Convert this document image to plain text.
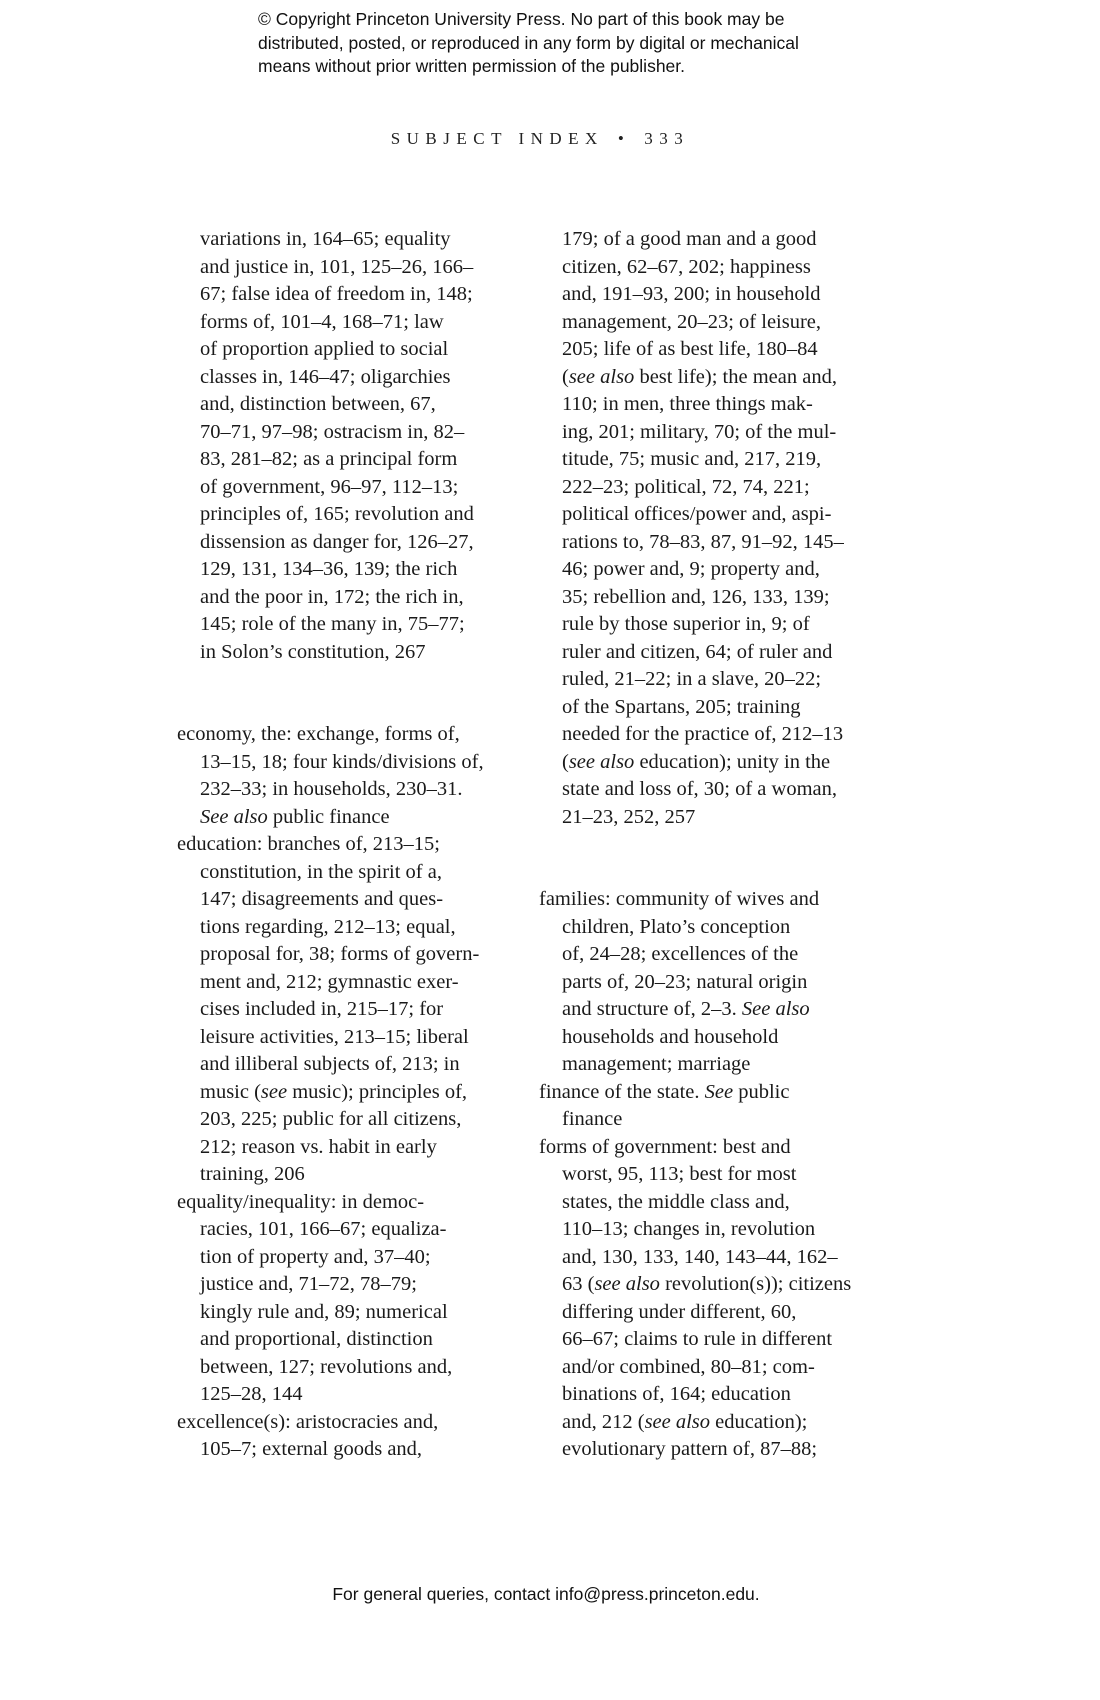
© Copyright Princeton University Press. No part of this book may be
distributed, posted, or reproduced in any form by digital or mechanical
means without prior written permission of the publisher.
SUBJECT INDEX • 333
variations in, 164–65; equality
and justice in, 101, 125–26, 166–
67; false idea of freedom in, 148;
forms of, 101–4, 168–71; law
of proportion applied to social
classes in, 146–47; oligarchies
and, distinction between, 67,
70–71, 97–98; ostracism in, 82–
83, 281–82; as a principal form
of government, 96–97, 112–13;
principles of, 165; revolution and
dissension as danger for, 126–27,
129, 131, 134–36, 139; the rich
and the poor in, 172; the rich in,
145; role of the many in, 75–77;
in Solon’s constitution, 267
economy, the: exchange, forms of,
13–15, 18; four kinds/divisions of,
232–33; in households, 230–31.
See also public finance
education: branches of, 213–15;
constitution, in the spirit of a,
147; disagreements and ques-
tions regarding, 212–13; equal,
proposal for, 38; forms of govern-
ment and, 212; gymnastic exer-
cises included in, 215–17; for
leisure activities, 213–15; liberal
and illiberal subjects of, 213; in
music (see music); principles of,
203, 225; public for all citizens,
212; reason vs. habit in early
training, 206
equality/inequality: in democ-
racies, 101, 166–67; equaliza-
tion of property and, 37–40;
justice and, 71–72, 78–79;
kingly rule and, 89; numerical
and proportional, distinction
between, 127; revolutions and,
125–28, 144
excellence(s): aristocracies and,
105–7; external goods and,
179; of a good man and a good
citizen, 62–67, 202; happiness
and, 191–93, 200; in household
management, 20–23; of leisure,
205; life of as best life, 180–84
(see also best life); the mean and,
110; in men, three things mak-
ing, 201; military, 70; of the mul-
titude, 75; music and, 217, 219,
222–23; political, 72, 74, 221;
political offices/power and, aspi-
rations to, 78–83, 87, 91–92, 145–
46; power and, 9; property and,
35; rebellion and, 126, 133, 139;
rule by those superior in, 9; of
ruler and citizen, 64; of ruler and
ruled, 21–22; in a slave, 20–22;
of the Spartans, 205; training
needed for the practice of, 212–13
(see also education); unity in the
state and loss of, 30; of a woman,
21–23, 252, 257
families: community of wives and
children, Plato’s conception
of, 24–28; excellences of the
parts of, 20–23; natural origin
and structure of, 2–3. See also
households and household
management; marriage
finance of the state. See public
finance
forms of government: best and
worst, 95, 113; best for most
states, the middle class and,
110–13; changes in, revolution
and, 130, 133, 140, 143–44, 162–
63 (see also revolution(s)); citizens
differing under different, 60,
66–67; claims to rule in different
and/or combined, 80–81; com-
binations of, 164; education
and, 212 (see also education);
evolutionary pattern of, 87–88;
For general queries, contact info@press.princeton.edu.
